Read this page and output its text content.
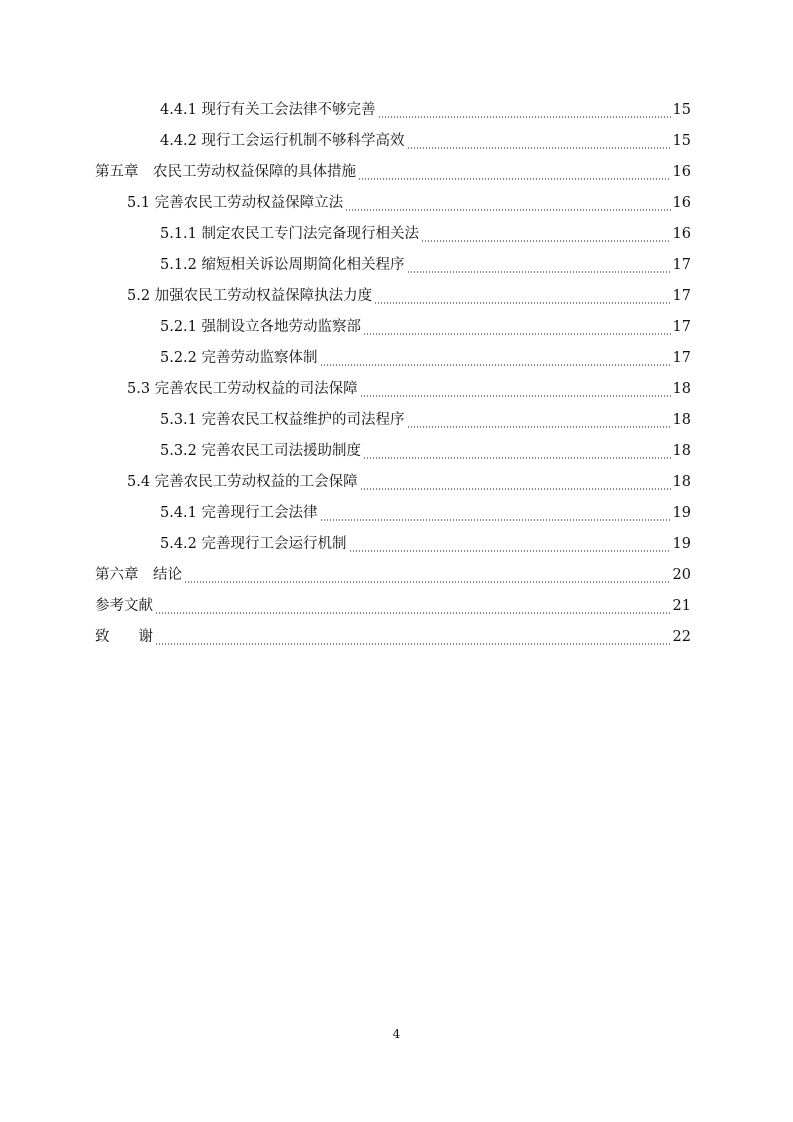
4.4.1 现行有关工会法律不够完善	15
4.4.2 现行工会运行机制不够科学高效	15
第五章　农民工劳动权益保障的具体措施	16
5.1 完善农民工劳动权益保障立法	16
5.1.1 制定农民工专门法完备现行相关法	16
5.1.2 缩短相关诉讼周期简化相关程序	17
5.2 加强农民工劳动权益保障执法力度	17
5.2.1 强制设立各地劳动监察部	17
5.2.2 完善劳动监察体制	17
5.3 完善农民工劳动权益的司法保障	18
5.3.1 完善农民工权益维护的司法程序	18
5.3.2 完善农民工司法援助制度	18
5.4 完善农民工劳动权益的工会保障	18
5.4.1 完善现行工会法律	19
5.4.2 完善现行工会运行机制	19
第六章　结论	20
参考文献	21
致　　谢	22
4
